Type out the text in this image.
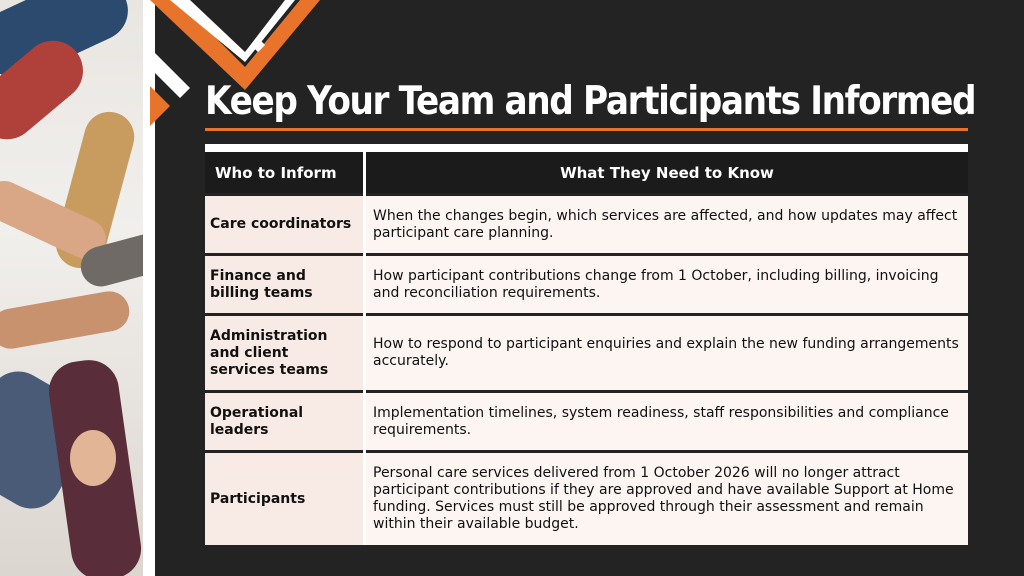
Keep Your Team and Participants Informed
Who to Inform	What They Need to Know
Care coordinators	When the changes begin, which services are affected, and how updates may affect participant care planning.
Finance and billing teams	How participant contributions change from 1 October, including billing, invoicing and reconciliation requirements.
Administration and client services teams	How to respond to participant enquiries and explain the new funding arrangements accurately.
Operational leaders	Implementation timelines, system readiness, staff responsibilities and compliance requirements.
Participants	Personal care services delivered from 1 October 2026 will no longer attract participant contributions if they are approved and have available Support at Home funding. Services must still be approved through their assessment and remain within their available budget.
